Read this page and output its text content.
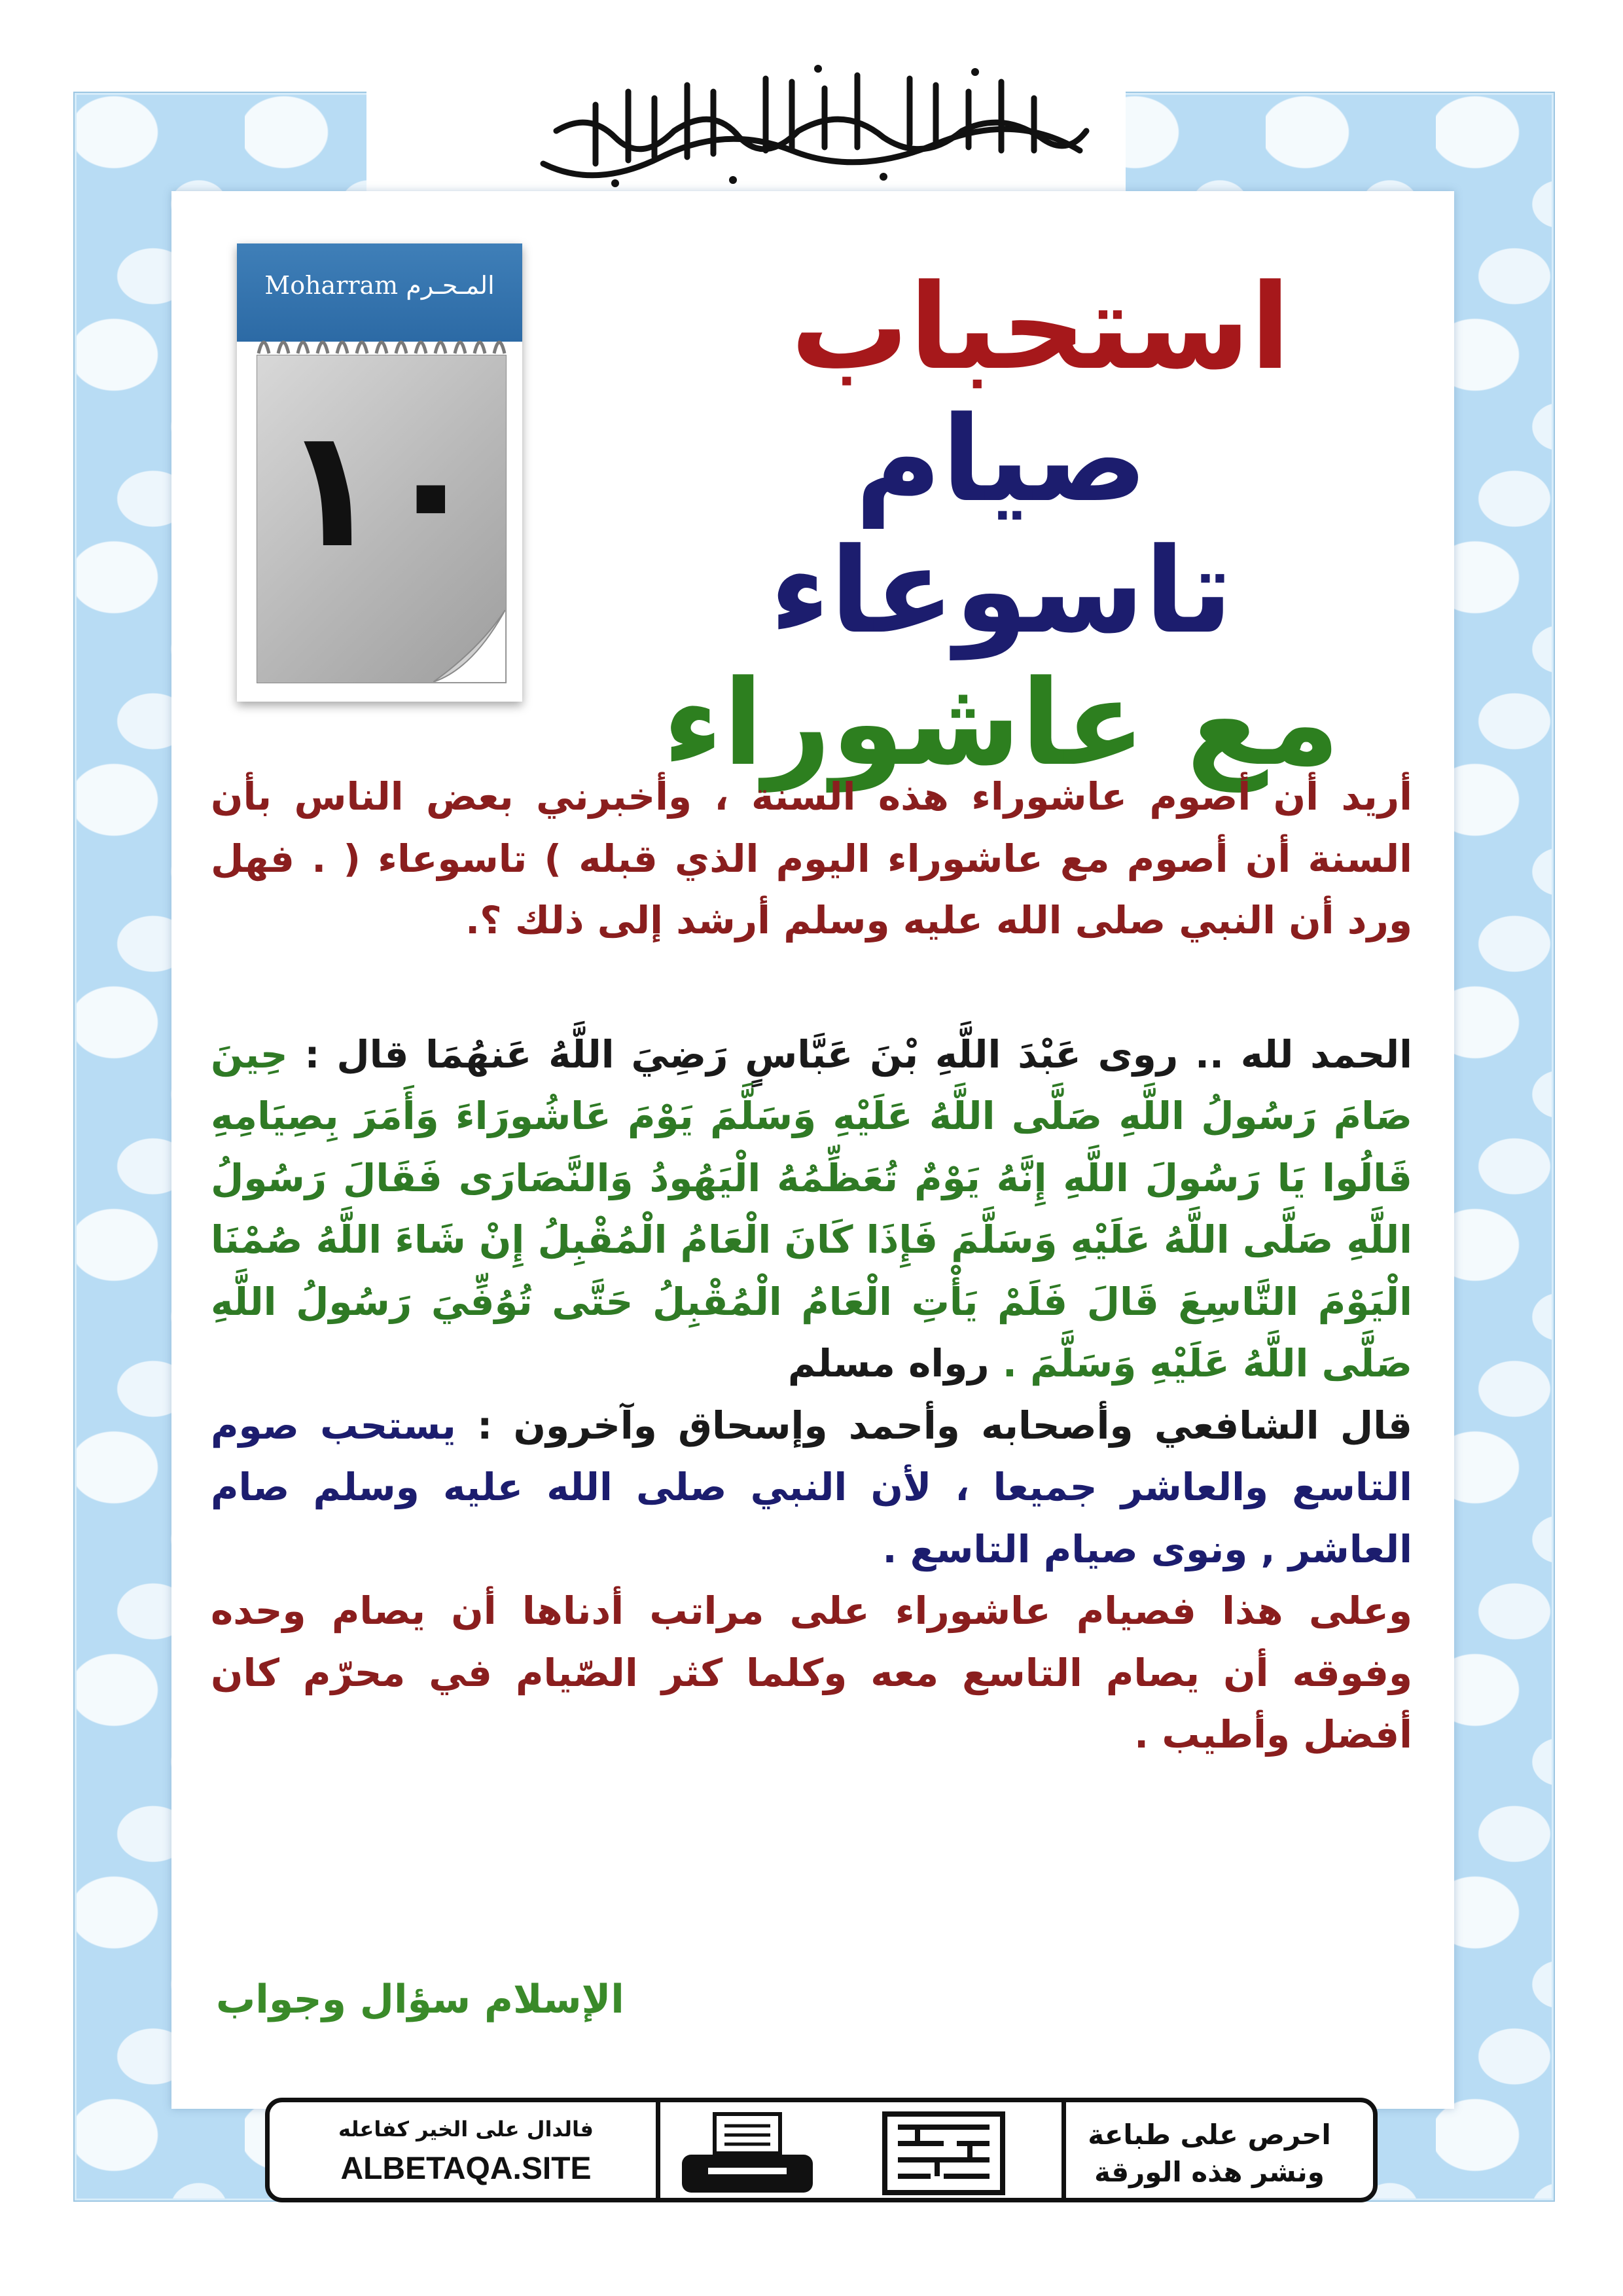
Moharram المـحـرم
١٠
استحباب
صيام تاسوعاء
مع عاشوراء

أريد أن أصوم عاشوراء هذه السنة ، وأخبرني بعض الناس بأن السنة أن أصوم مع عاشوراء اليوم الذي قبله ) تاسوعاء ( . فهل ورد أن النبي صلى الله عليه وسلم أرشد إلى ذلك ؟.

الحمد لله .. روى عَبْدَ اللَّهِ بْنَ عَبَّاسٍ رَضِيَ اللَّهُ عَنهُمَا قال : حِينَ صَامَ رَسُولُ اللَّهِ صَلَّى اللَّهُ عَلَيْهِ وَسَلَّمَ يَوْمَ عَاشُورَاءَ وَأَمَرَ بِصِيَامِهِ قَالُوا يَا رَسُولَ اللَّهِ إِنَّهُ يَوْمٌ تُعَظِّمُهُ الْيَهُودُ وَالنَّصَارَى فَقَالَ رَسُولُ اللَّهِ صَلَّى اللَّهُ عَلَيْهِ وَسَلَّمَ فَإِذَا كَانَ الْعَامُ الْمُقْبِلُ إِنْ شَاءَ اللَّهُ صُمْنَا الْيَوْمَ التَّاسِعَ قَالَ فَلَمْ يَأْتِ الْعَامُ الْمُقْبِلُ حَتَّى تُوُفِّيَ رَسُولُ اللَّهِ صَلَّى اللَّهُ عَلَيْهِ وَسَلَّمَ . رواه مسلم

قال الشافعي وأصحابه وأحمد وإسحاق وآخرون : يستحب صوم التاسع والعاشر جميعا ، لأن النبي صلى الله عليه وسلم صام العاشر , ونوى صيام التاسع .

وعلى هذا فصيام عاشوراء على مراتب أدناها أن يصام وحده وفوقه أن يصام التاسع معه وكلما كثر الصّيام في محرّم كان أفضل وأطيب .

الإسلام سؤال وجواب
فالدال على الخير كفاعله
ALBETAQA.SITE
احرص على طباعة
ونشر هذه الورقة
